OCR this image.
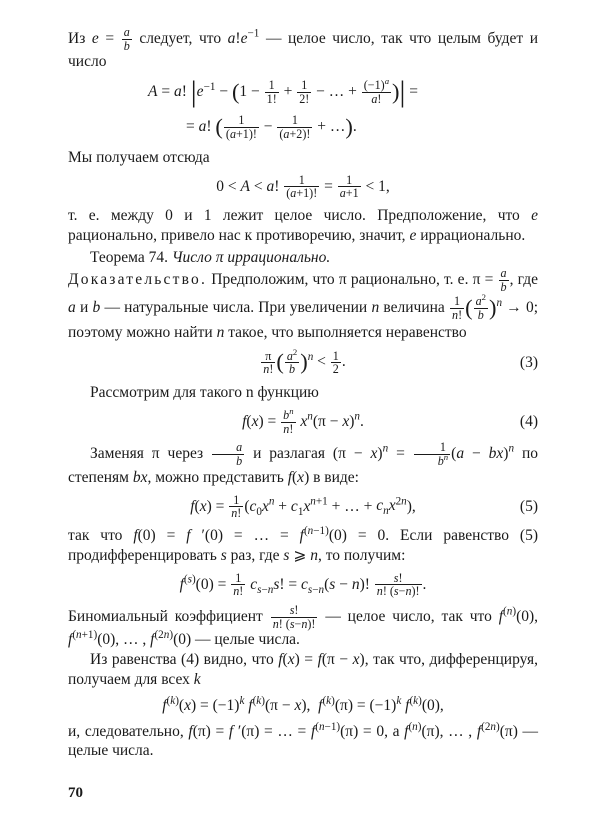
Из $e = \frac{a}{b}$ следует, что $a!e^{-1}$ — целое число, так что целым будет и число

A = a! $|e^{-1} - (1 - \frac{1}{1!} + \frac{1}{2!}$ − … + $\frac{(-1)^a}{a!}$ )| =
= a! ( $\frac{1}{(a+1)!} - \frac{1}{(a+2)!}$ + …).

Мы получаем отсюда

0 < A < a! $\frac{1}{(a+1)!} = \frac{1}{a+1} < 1$,

т. е. между 0 и 1 лежит целое число. Предположение, что e рационально, привело нас к противоречию, значит, e иррационально.

Теорема 74. Число π иррационально.

Доказательство. Предположим, что π рационально, т. е. $\pi = \frac{a}{b}$ , где a и b — натуральные числа. При увеличении n величина $\frac{1}{n!}$ ( $\frac{a^2}{b} )^n \to 0$; поэтому можно найти n такое, что выполняется неравенство

$\frac{\pi}{n!}$ ( $\frac{a^2}{b} )^n < \frac{1}{2}$ .	(3)

Рассмотрим для такого n функцию

$f(x) = \frac{b^n}{n!} x^n(\pi - x)^n$.	(4)

Заменяя π через $\frac{a}{b}$ и разлагая $(\pi - x)^n = \frac{1}{b^n} (a - bx)^n$ по степеням bx, можно представить f(x) в виде:

$f(x) = \frac{1}{n!} (c_0x^n + c_1x^{n+1}$ + … + $c_nx^{2n}$),	(5)

так что f(0) = f ′(0) = … = $f^{(n-1)}(0) = 0$. Если равенство (5) продифференцировать s раз, где s ⩾ n, то получим:

$f^{(s)}(0) = \frac{1}{n!} c_{s-n}s$! = $c_{s-n}(s - n)$! $\frac{s!}{n! (s-n)!}$ .

Биномиальный коэффициент $\frac{s!}{n! (s-n)!}$ — целое число, так что $f^{(n)}(0)$, $f^{(n+1)}(0)$, … , $f^{(2n)}(0)$ — целые числа.

Из равенства (4) видно, что f(x) = f(π − x), так что, дифференцируя, получаем для всех k

$f^{(k)}(x) = (-1)^k$ $f^{(k)}(\pi - x)$,  $f^{(k)}(\pi) = (-1)^k$ $f^{(k)}(0)$,

и, следовательно, f(π) = f ′(π) = … = $f^{(n-1)}(\pi) = 0$, а $f^{(n)}(\pi)$, … , $f^{(2n)}(\pi)$ — целые числа.

70
